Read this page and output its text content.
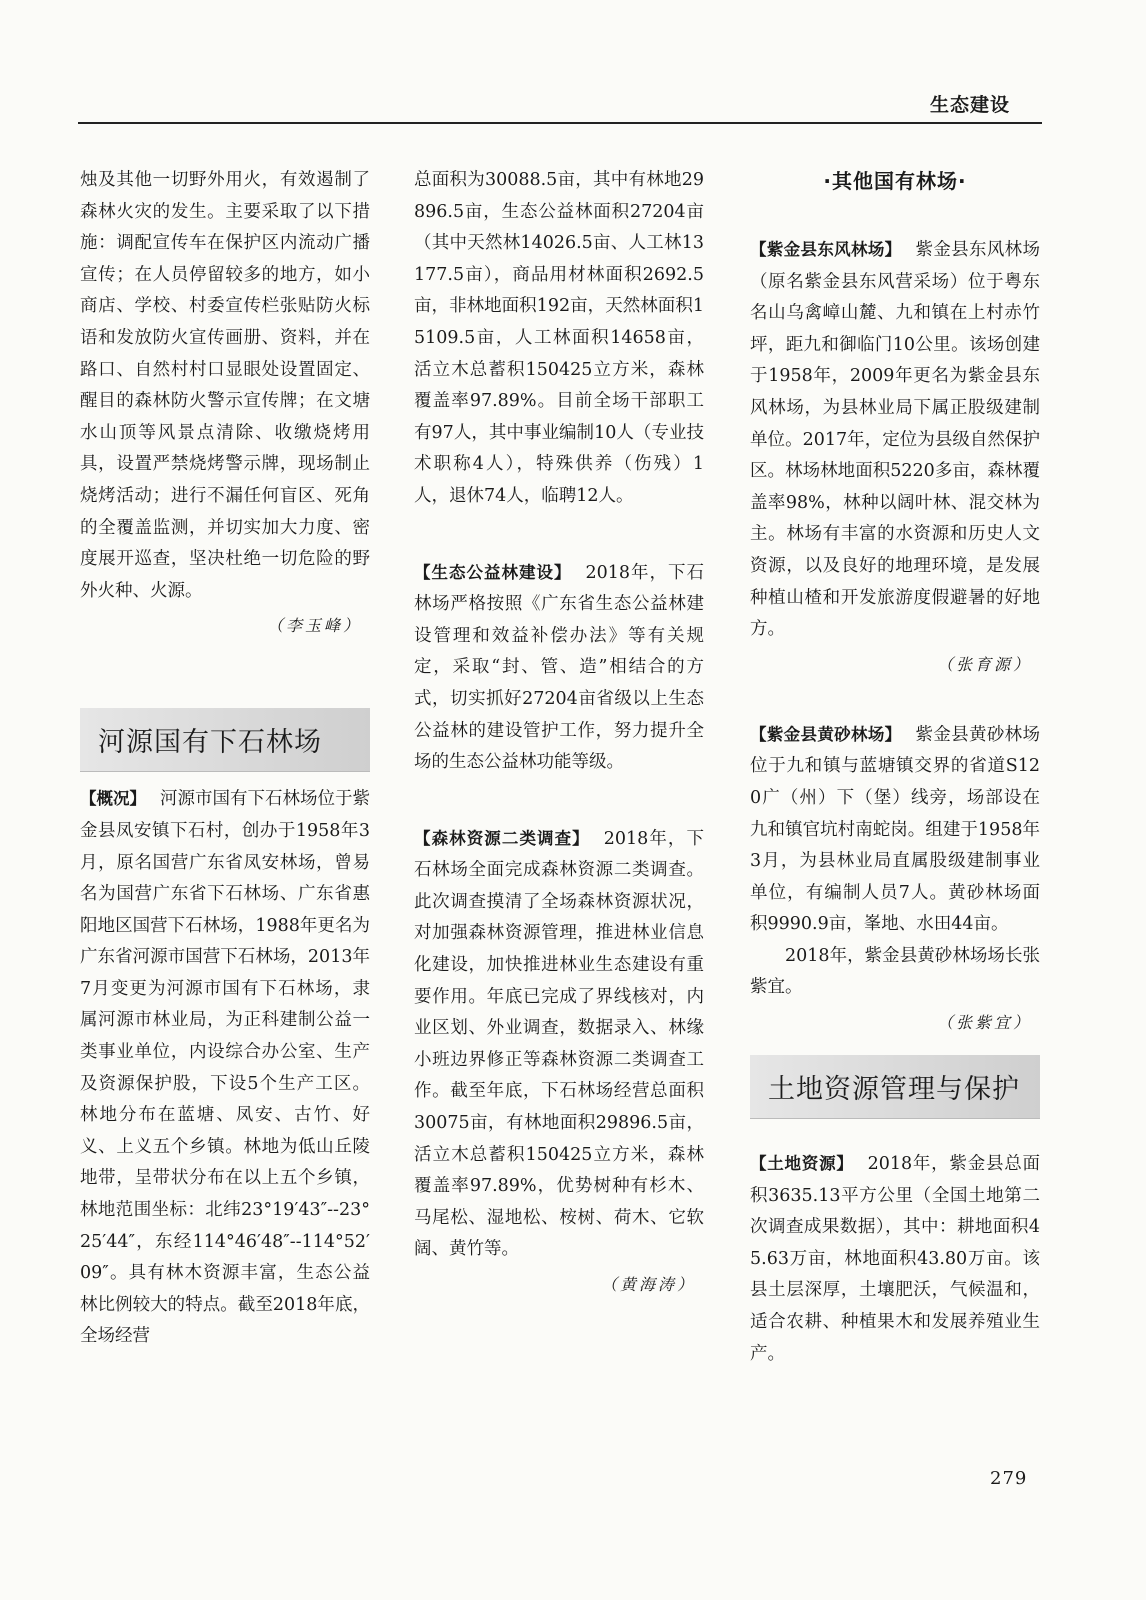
生态建设

烛及其他一切野外用火，有效遏制了森林火灾的发生。主要采取了以下措施：调配宣传车在保护区内流动广播宣传；在人员停留较多的地方，如小商店、学校、村委宣传栏张贴防火标语和发放防火宣传画册、资料，并在路口、自然村村口显眼处设置固定、醒目的森林防火警示宣传牌；在文塘水山顶等风景点清除、收缴烧烤用具，设置严禁烧烤警示牌，现场制止烧烤活动；进行不漏任何盲区、死角的全覆盖监测，并切实加大力度、密度展开巡查，坚决杜绝一切危险的野外火种、火源。

（李玉峰）
河源国有下石林场

【概况】 河源市国有下石林场位于紫金县凤安镇下石村，创办于1958年3月，原名国营广东省凤安林场，曾易名为国营广东省下石林场、广东省惠阳地区国营下石林场，1988年更名为广东省河源市国营下石林场，2013年7月变更为河源市国有下石林场，隶属河源市林业局，为正科建制公益一类事业单位，内设综合办公室、生产及资源保护股，下设5个生产工区。林地分布在蓝塘、凤安、古竹、好义、上义五个乡镇。林地为低山丘陵地带，呈带状分布在以上五个乡镇，林地范围坐标：北纬23°19′43″--23°25′44″，东经114°46′48″--114°52′09″。具有林木资源丰富，生态公益林比例较大的特点。截至2018年底，全场经营

总面积为30088.5亩，其中有林地29896.5亩，生态公益林面积27204亩（其中天然林14026.5亩、人工林13177.5亩），商品用材林面积2692.5亩，非林地面积192亩，天然林面积15109.5亩，人工林面积14658亩，活立木总蓄积150425立方米，森林覆盖率97.89%。目前全场干部职工有97人，其中事业编制10人（专业技术职称4人），特殊供养（伤残）1人，退休74人，临聘12人。

【生态公益林建设】 2018年，下石林场严格按照《广东省生态公益林建设管理和效益补偿办法》等有关规定，采取“封、管、造”相结合的方式，切实抓好27204亩省级以上生态公益林的建设管护工作，努力提升全场的生态公益林功能等级。

【森林资源二类调查】 2018年，下石林场全面完成森林资源二类调查。此次调查摸清了全场森林资源状况，对加强森林资源管理，推进林业信息化建设，加快推进林业生态建设有重要作用。年底已完成了界线核对，内业区划、外业调查，数据录入、林缘小班边界修正等森林资源二类调查工作。截至年底，下石林场经营总面积30075亩，有林地面积29896.5亩，活立木总蓄积150425立方米，森林覆盖率97.89%，优势树种有杉木、马尾松、湿地松、桉树、荷木、它软阔、黄竹等。

（黄海涛）
·其他国有林场·

【紫金县东风林场】 紫金县东风林场（原名紫金县东风营采场）位于粤东名山乌禽嶂山麓、九和镇在上村赤竹坪，距九和御临门10公里。该场创建于1958年，2009年更名为紫金县东风林场，为县林业局下属正股级建制单位。2017年，定位为县级自然保护区。林场林地面积5220多亩，森林覆盖率98%，林种以阔叶林、混交林为主。林场有丰富的水资源和历史人文资源，以及良好的地理环境，是发展种植山楂和开发旅游度假避暑的好地方。

（张育源）

【紫金县黄砂林场】 紫金县黄砂林场位于九和镇与蓝塘镇交界的省道S120广（州）下（堡）线旁，场部设在九和镇官坑村南蛇岗。组建于1958年3月，为县林业局直属股级建制事业单位，有编制人员7人。黄砂林场面积9990.9亩，峯地、水田44亩。

2018年，紫金县黄砂林场场长张紫宜。

（张紫宜）
土地资源管理与保护

【土地资源】 2018年，紫金县总面积3635.13平方公里（全国土地第二次调查成果数据），其中：耕地面积45.63万亩，林地面积43.80万亩。该县土层深厚，土壤肥沃，气候温和，适合农耕、种植果木和发展养殖业生产。

279
